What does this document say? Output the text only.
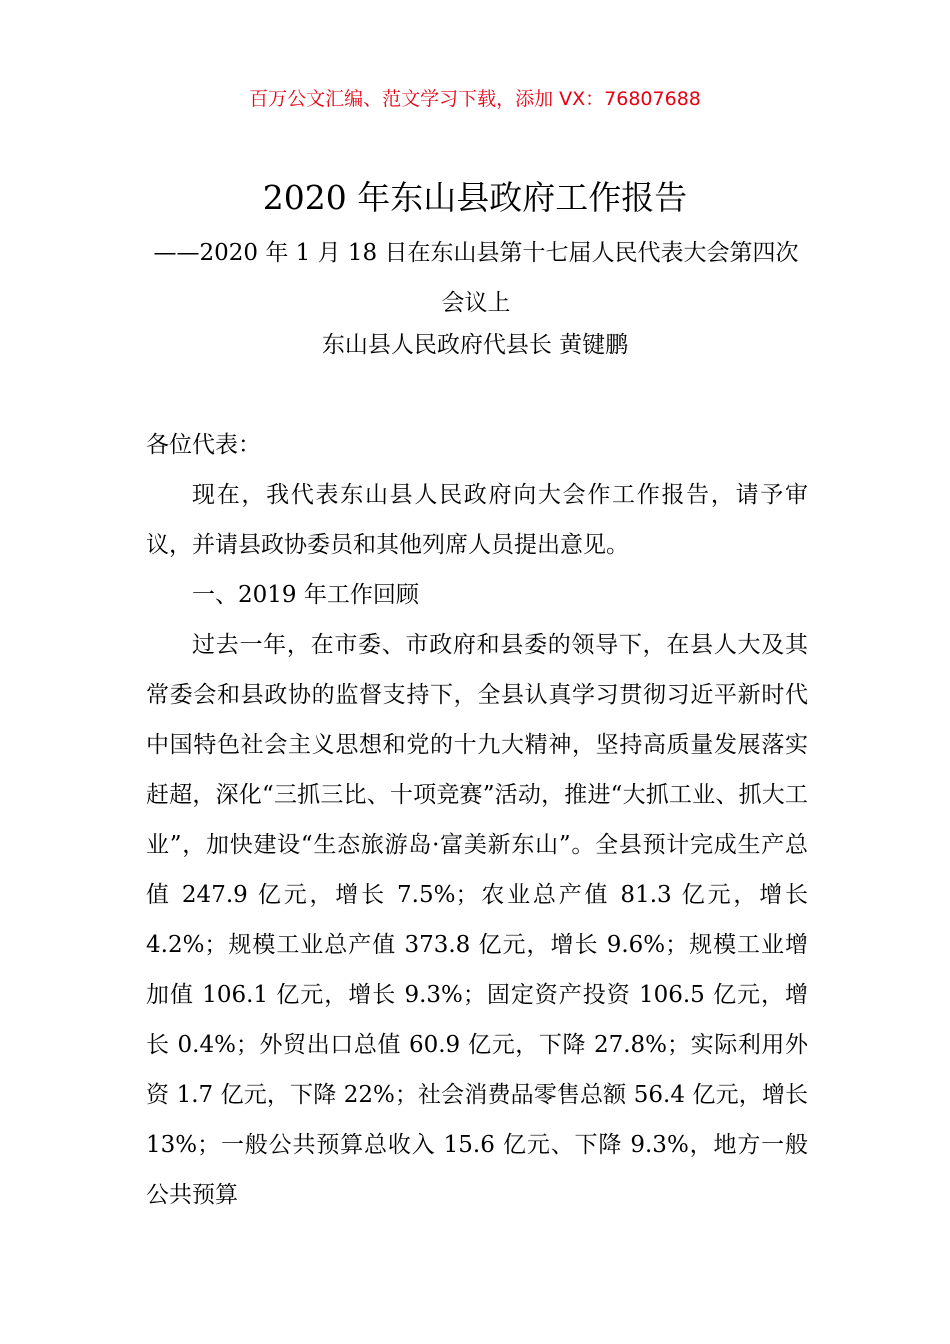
百万公文汇编、范文学习下载，添加 VX：76807688
2020 年东山县政府工作报告
——2020 年 1 月 18 日在东山县第十七届人民代表大会第四次会议上
东山县人民政府代县长 黄键鹏

各位代表：

现在，我代表东山县人民政府向大会作工作报告，请予审议，并请县政协委员和其他列席人员提出意见。

一、2019 年工作回顾

过去一年，在市委、市政府和县委的领导下，在县人大及其常委会和县政协的监督支持下，全县认真学习贯彻习近平新时代中国特色社会主义思想和党的十九大精神，坚持高质量发展落实赶超，深化“三抓三比、十项竞赛”活动，推进“大抓工业、抓大工业”，加快建设“生态旅游岛·富美新东山”。全县预计完成生产总值 247.9 亿元，增长 7.5%；农业总产值 81.3 亿元，增长 4.2%；规模工业总产值 373.8 亿元，增长 9.6%；规模工业增加值 106.1 亿元，增长 9.3%；固定资产投资 106.5 亿元，增长 0.4%；外贸出口总值 60.9 亿元，下降 27.8%；实际利用外资 1.7 亿元，下降 22%；社会消费品零售总额 56.4 亿元，增长 13%；一般公共预算总收入 15.6 亿元、下降 9.3%，地方一般公共预算
